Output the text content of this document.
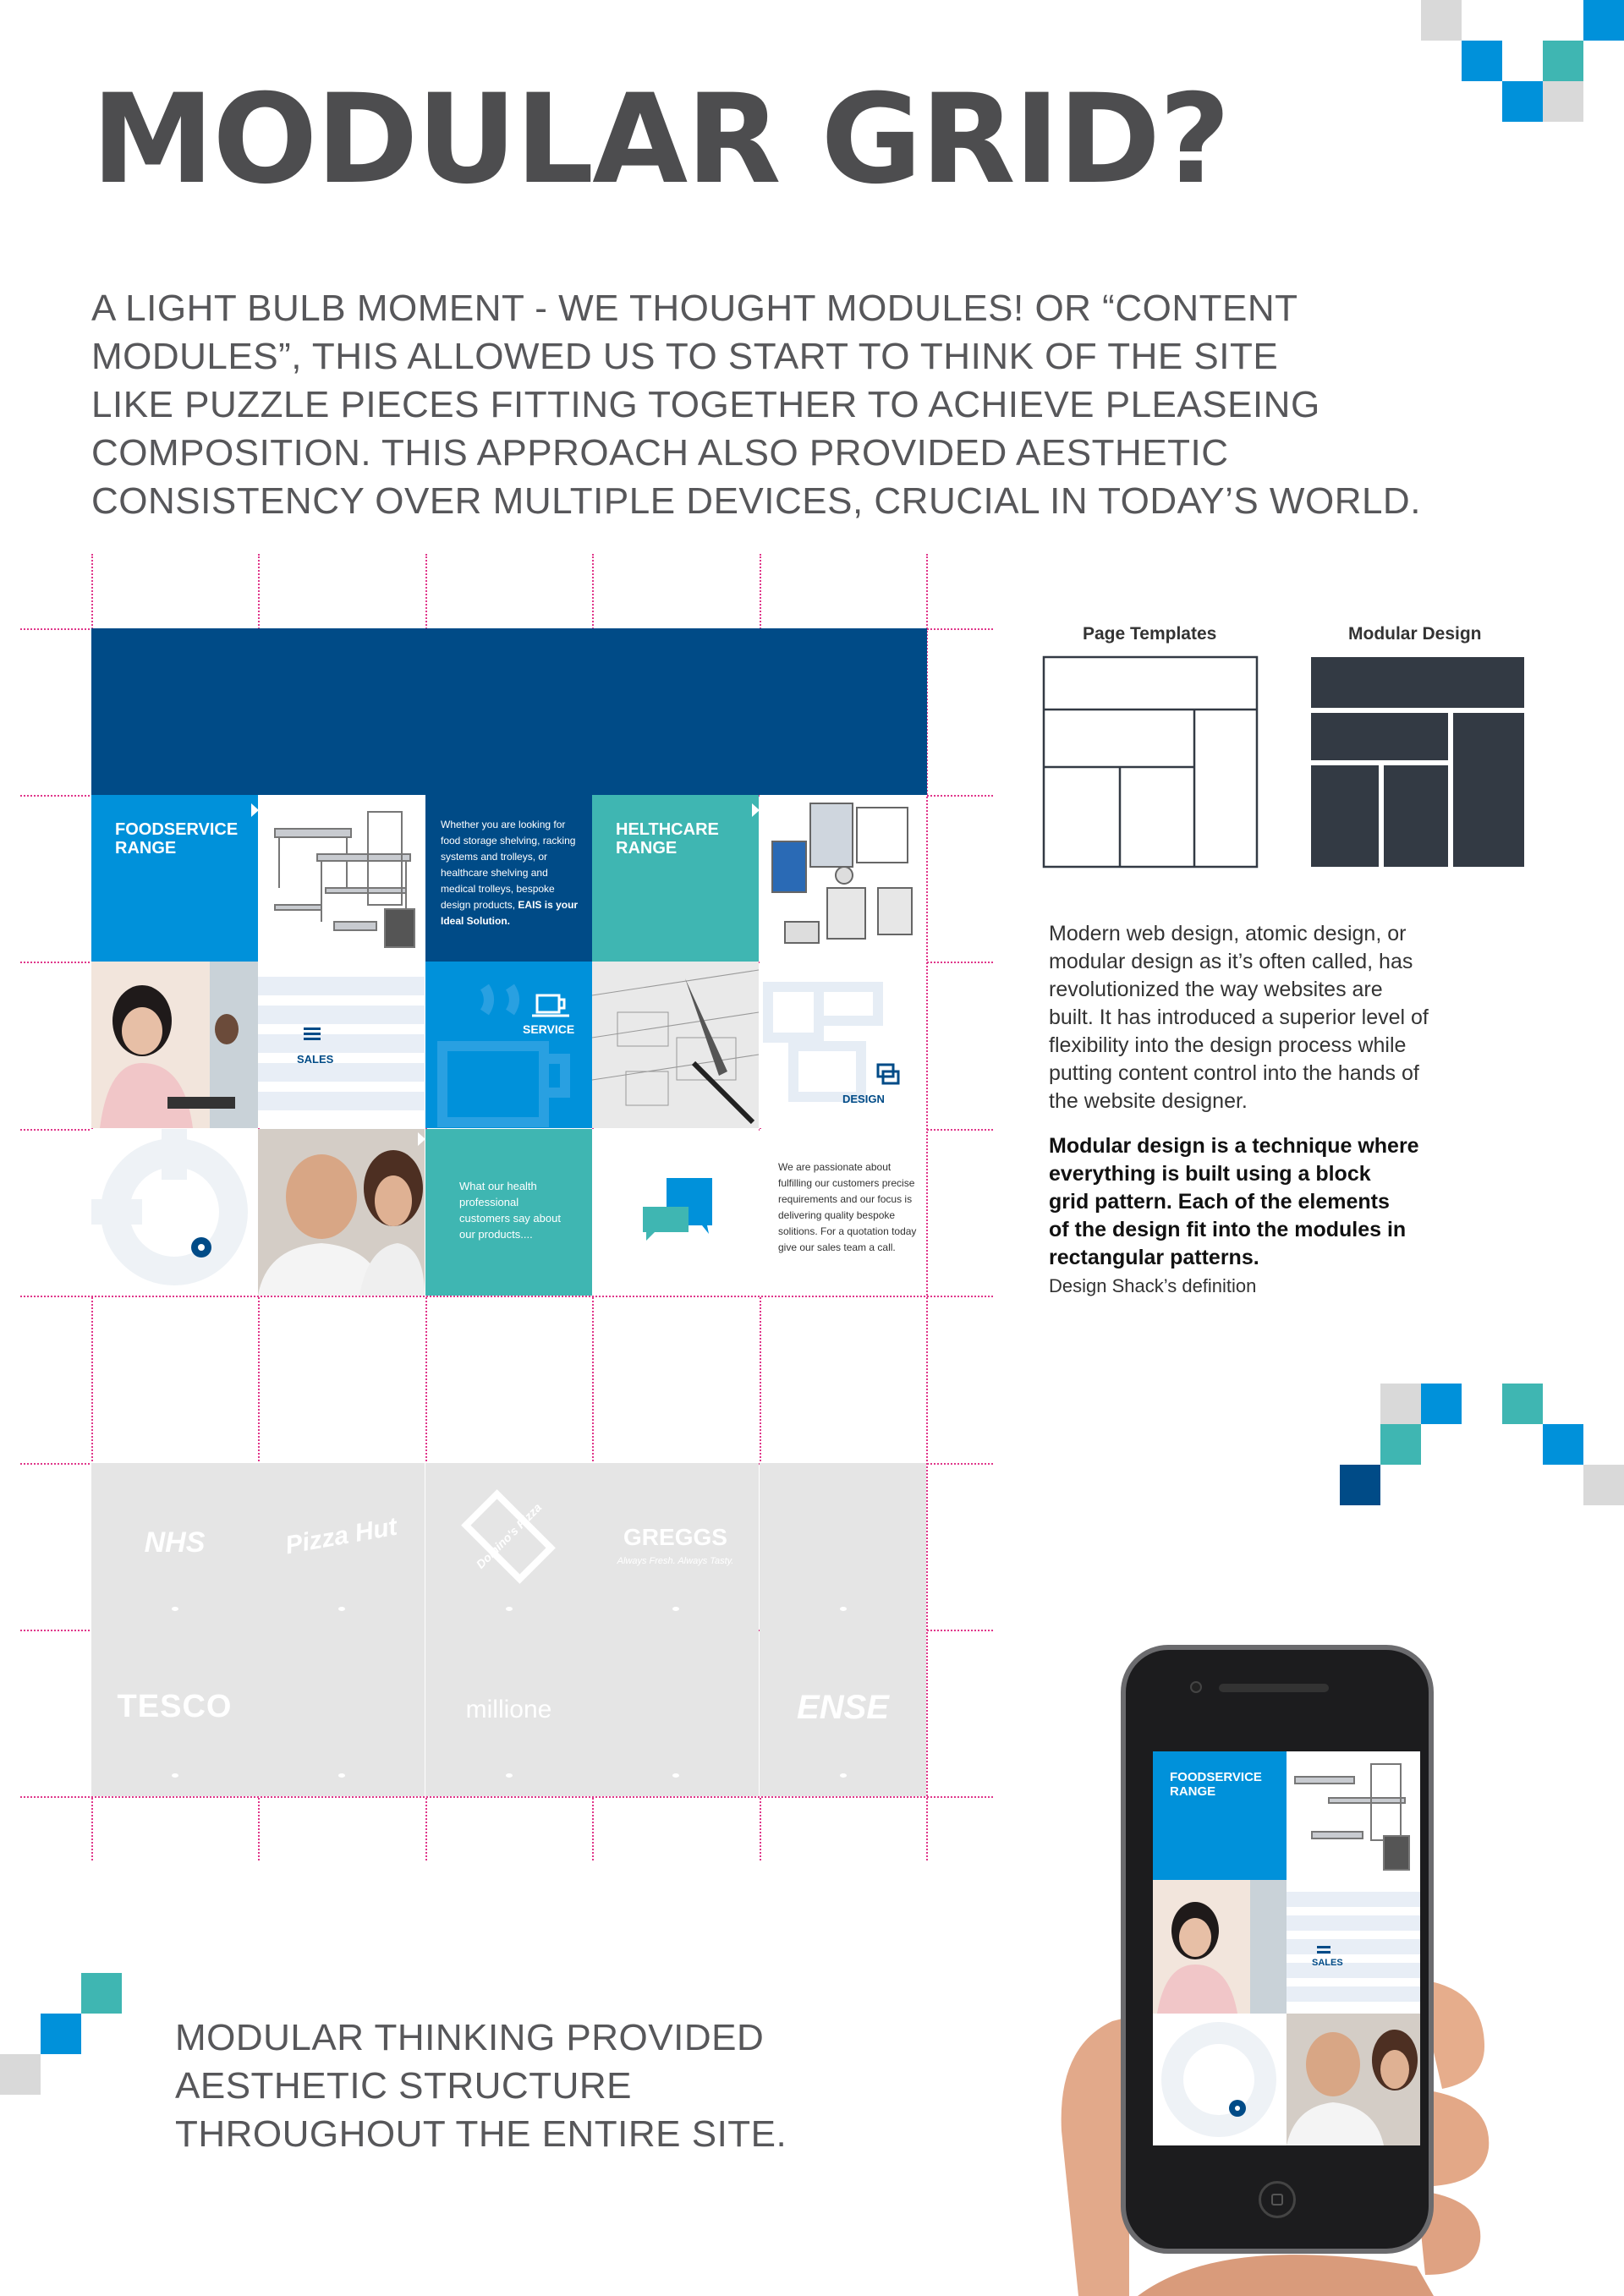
MODULAR GRID?
A LIGHT BULB MOMENT - WE THOUGHT MODULES! OR “CONTENT
MODULES”, THIS ALLOWED US TO START TO THINK OF THE SITE
LIKE PUZZLE PIECES FITTING TOGETHER TO ACHIEVE PLEASEING
COMPOSITION. THIS APPROACH ALSO PROVIDED AESTHETIC
CONSISTENCY OVER MULTIPLE DEVICES, CRUCIAL IN TODAY’S WORLD.
FOODSERVICE
RANGE
Whether you are looking for food storage shelving, racking systems and trolleys, or healthcare shelving and medical trolleys, bespoke design products, EAIS is your Ideal Solution.
HELTHCARE
RANGE
SALES
SERVICE
DESIGN
What our health professional customers say about our products....
We are passionate about fulfilling our customers precise requirements and our focus is delivering quality bespoke solitions. For a quotation today give our sales team a call.
NHS	Pizza Hut	Domino's Pizza	GREGGS
Always Fresh. Always Tasty.
TESCO	millione	ENSE
Page Templates	Modular Design
Modern web design, atomic design, or
modular design as it’s often called, has
revolutionized the way websites are
built. It has introduced a superior level of
flexibility into the design process while
putting content control into the hands of
the website designer.
Modular design is a technique where
everything is built using a block
grid pattern. Each of the elements
of the design fit into the modules in
rectangular patterns.
Design Shack’s definition
MODULAR THINKING PROVIDED
AESTHETIC STRUCTURE
THROUGHOUT THE ENTIRE SITE.
FOODSERVICE
RANGE
SALES
